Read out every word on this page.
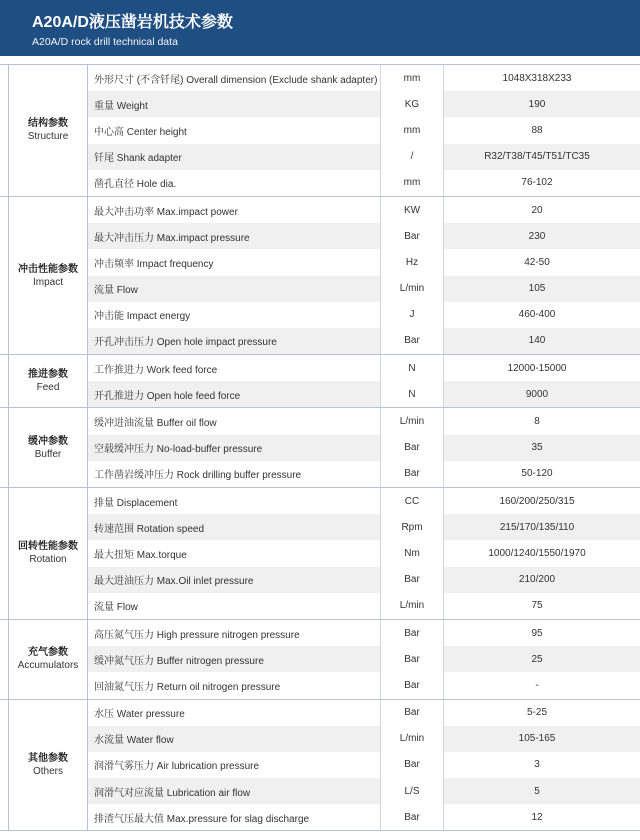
A20A/D液压凿岩机技术参数
A20A/D rock drill technical data
结构参数
Structure
外形尺寸 (不含钎尾) Overall dimension (Exclude shank adapter)	mm	1048X318X233
重量 Weight	KG	190
中心高 Center height	mm	88
钎尾 Shank adapter	/	R32/T38/T45/T51/TC35
凿孔直径 Hole dia.	mm	76-102
冲击性能参数
Impact
最大冲击功率 Max.impact power	KW	20
最大冲击压力 Max.impact pressure	Bar	230
冲击频率 Impact frequency	Hz	42-50
流量 Flow	L/min	105
冲击能 Impact energy	J	460-400
开孔冲击压力 Open hole impact pressure	Bar	140
推进参数
Feed
工作推进力 Work feed force	N	12000-15000
开孔推进力 Open hole feed force	N	9000
缓冲参数
Buffer
缓冲进油流量 Buffer oil flow	L/min	8
空载缓冲压力 No-load-buffer pressure	Bar	35
工作凿岩缓冲压力 Rock drilling buffer pressure	Bar	50-120
回转性能参数
Rotation
排量 Displacement	CC	160/200/250/315
转速范围 Rotation speed	Rpm	215/170/135/110
最大扭矩 Max.torque	Nm	1000/1240/1550/1970
最大进油压力 Max.Oil inlet pressure	Bar	210/200
流量 Flow	L/min	75
充气参数
Accumulators
高压氮气压力 High pressure nitrogen pressure	Bar	95
缓冲氮气压力 Buffer nitrogen pressure	Bar	25
回油氮气压力 Return oil nitrogen pressure	Bar	-
其他参数
Others
水压 Water pressure	Bar	5-25
水流量 Water flow	L/min	105-165
润滑气雾压力 Air lubrication pressure	Bar	3
润滑气对应流量 Lubrication air flow	L/S	5
排渣气压最大值 Max.pressure for slag discharge	Bar	12
